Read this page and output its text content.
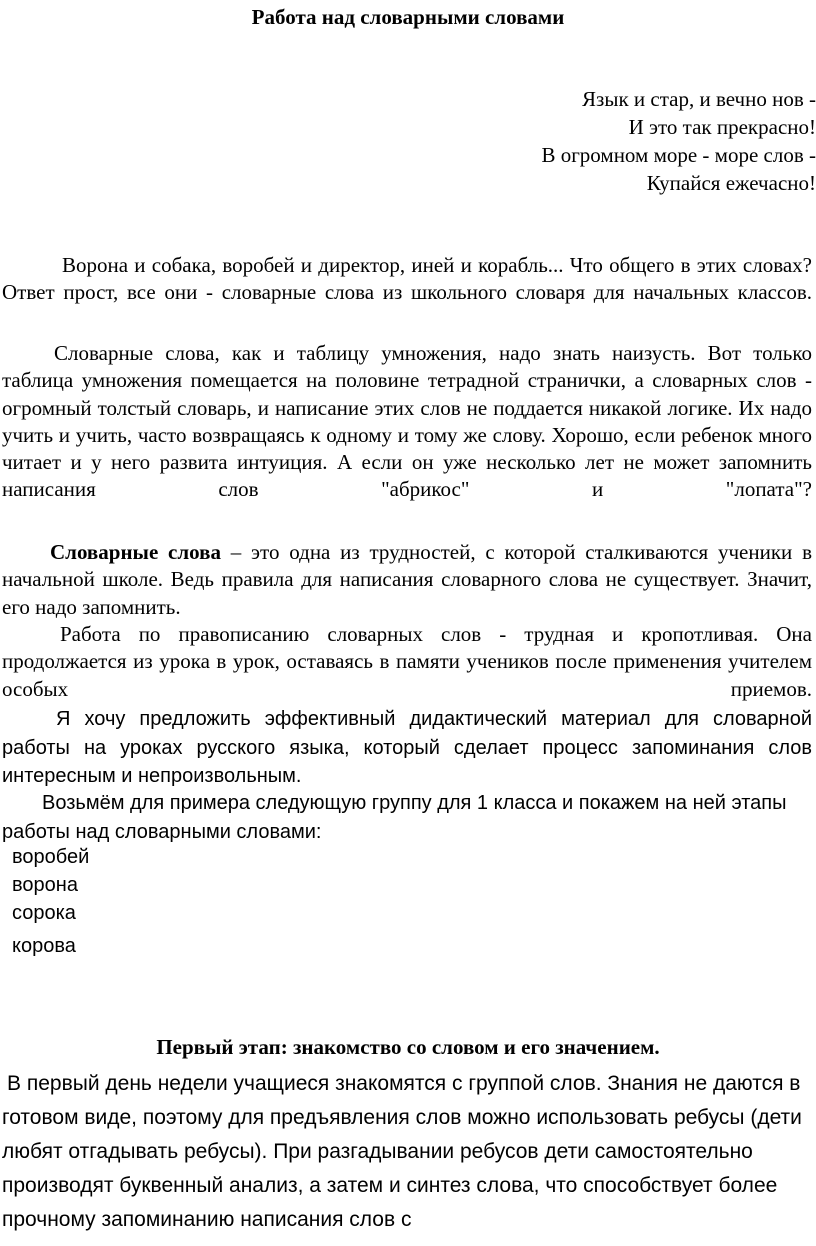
Работа над словарными словами
Язык и стар, и вечно нов -
И это так прекрасно!
В огромном море - море слов -
Купайся ежечасно!

Ворона и собака, воробей и директор, иней и корабль... Что общего в этих словах? Ответ прост, все они - словарные слова из школьного словаря для начальных классов.

Словарные слова, как и таблицу умножения, надо знать наизусть. Вот только таблица умножения помещается на половине тетрадной странички, а словарных слов - огромный толстый словарь, и написание этих слов не поддается никакой логике. Их надо учить и учить, часто возвращаясь к одному и тому же слову. Хорошо, если ребенок много читает и у него развита интуиция. А если он уже несколько лет не может запомнить написания слов "абрикос" и "лопата"?

Словарные слова – это одна из трудностей, с которой сталкиваются ученики в начальной школе. Ведь правила для написания словарного слова не существует. Значит, его надо запомнить.

Работа по правописанию словарных слов - трудная и кропотливая. Она продолжается из урока в урок, оставаясь в памяти учеников после применения учителем особых приемов.
Я хочу предложить эффективный дидактический материал для словарной работы на уроках русского языка, который сделает процесс запоминания слов интересным и непроизвольным.

Возьмём для примера следующую группу для 1 класса и покажем на ней этапы работы над словарными словами:

воробей
ворона
сорока
корова
Первый этап: знакомство со словом и его значением.

В первый день недели учащиеся знакомятся с группой слов. Знания не даются в готовом виде, поэтому для предъявления слов можно использовать ребусы (дети любят отгадывать ребусы). При разгадывании ребусов дети самостоятельно производят буквенный анализ, а затем и синтез слова, что способствует более прочному запоминанию написания слов с
